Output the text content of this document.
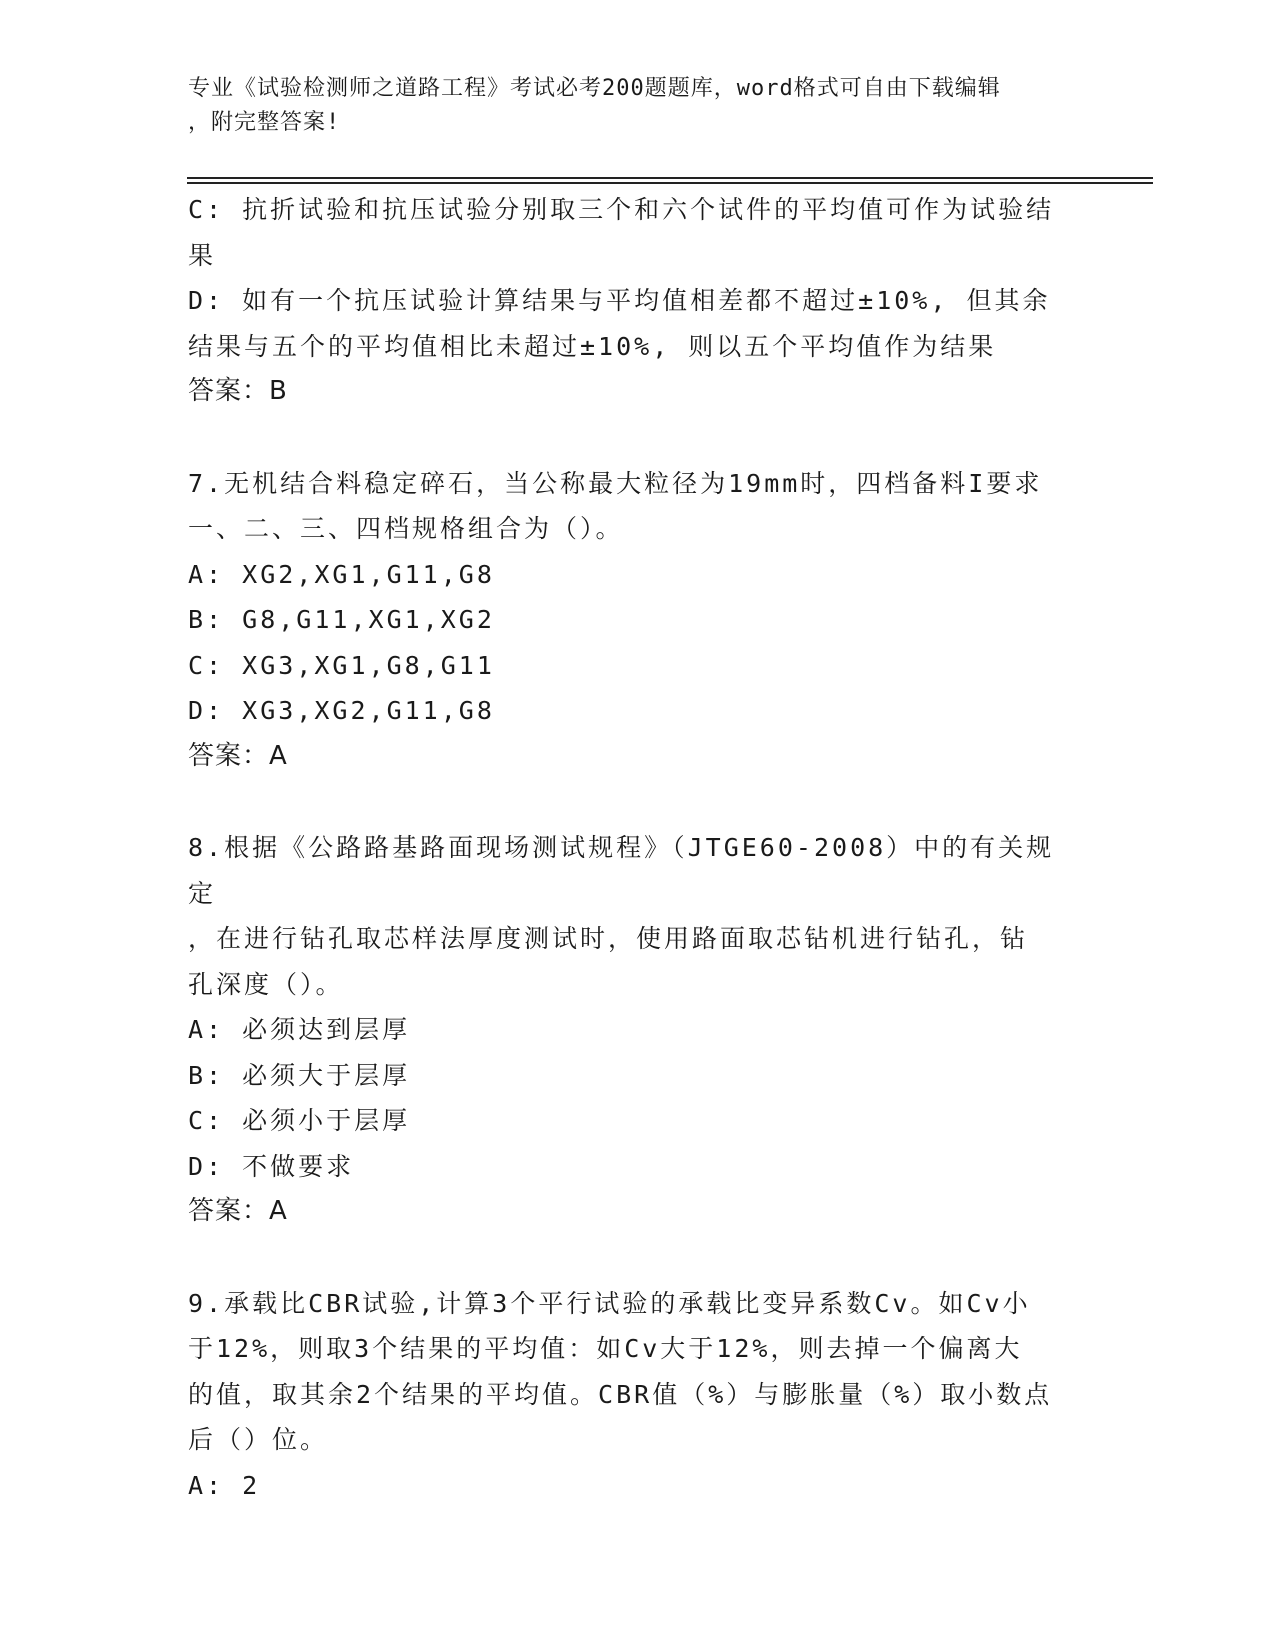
专业《试验检测师之道路工程》考试必考200题题库，word格式可自由下载编辑
，附完整答案!

C: 抗折试验和抗压试验分别取三个和六个试件的平均值可作为试验结

果

D: 如有一个抗压试验计算结果与平均值相差都不超过±10%, 但其余

结果与五个的平均值相比未超过±10%, 则以五个平均值作为结果

答案：B

7.无机结合料稳定碎石，当公称最大粒径为19mm时，四档备料I要求

一、二、三、四档规格组合为（）。

A: XG2,XG1,G11,G8

B: G8,G11,XG1,XG2

C: XG3,XG1,G8,G11

D: XG3,XG2,G11,G8

答案：A

8.根据《公路路基路面现场测试规程》（JTGE60-2008）中的有关规定

，在进行钻孔取芯样法厚度测试时，使用路面取芯钻机进行钻孔，钻

孔深度（）。

A: 必须达到层厚

B: 必须大于层厚

C: 必须小于层厚

D: 不做要求

答案：A

9.承载比CBR试验,计算3个平行试验的承载比变异系数Cv。如Cv小

于12%，则取3个结果的平均值：如Cv大于12%，则去掉一个偏离大

的值，取其余2个结果的平均值。CBR值（%）与膨胀量（%）取小数点

后（）位。

A: 2
